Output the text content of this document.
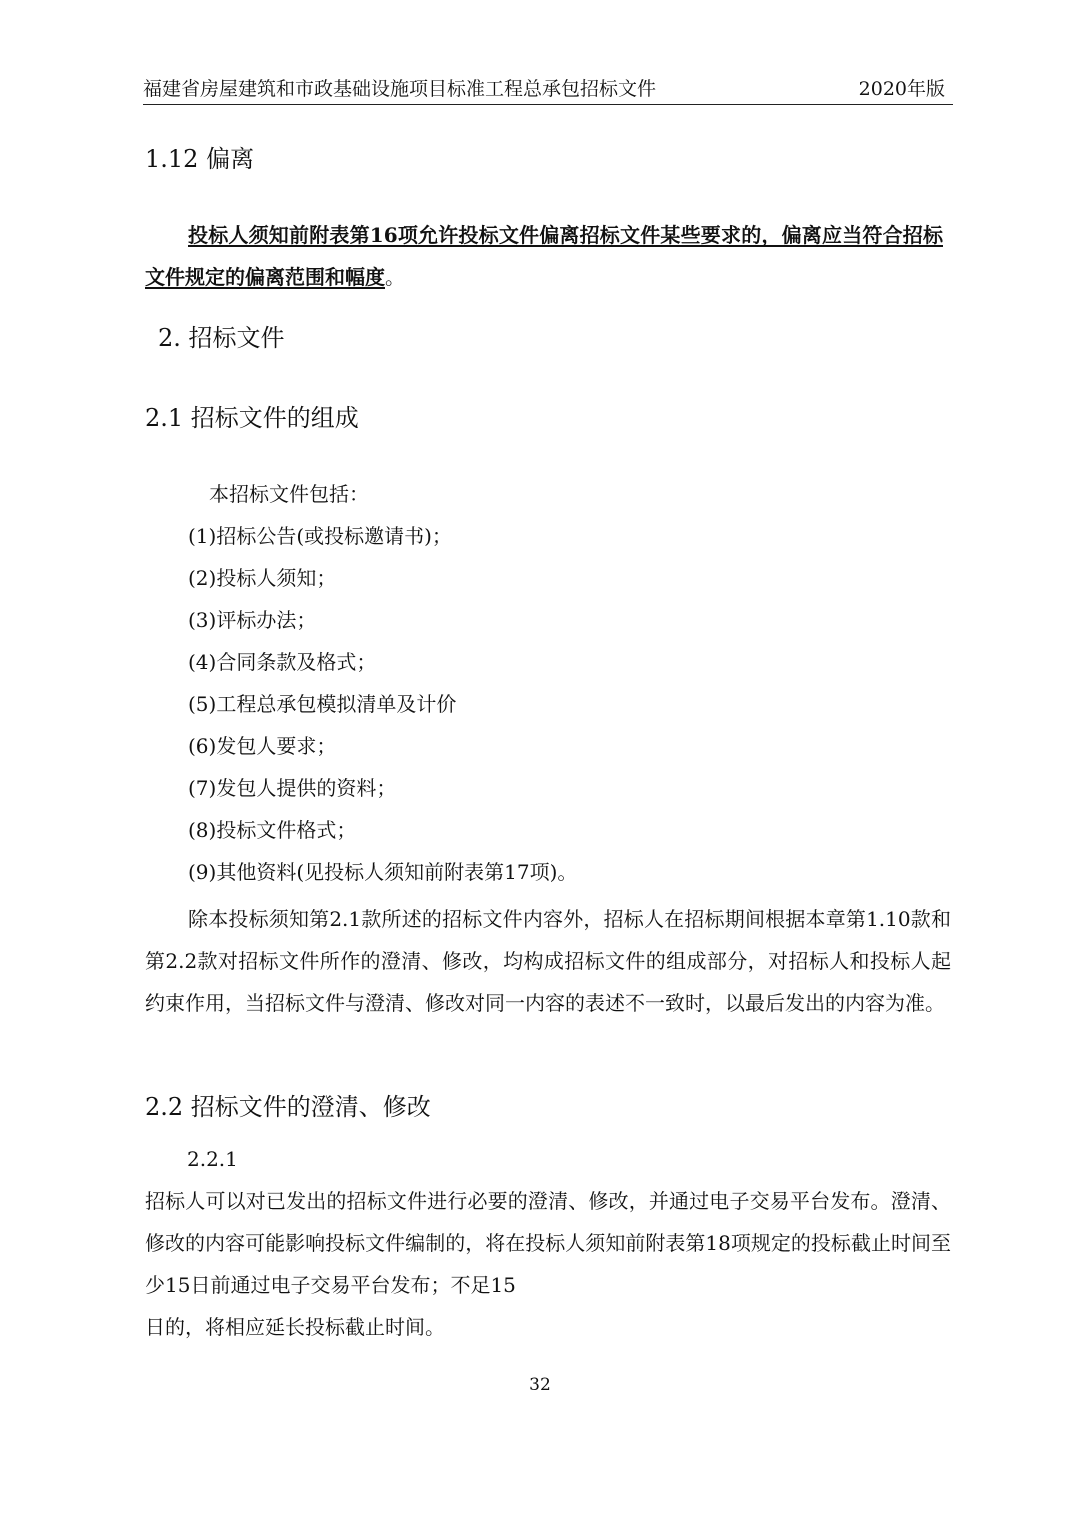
福建省房屋建筑和市政基础设施项目标准工程总承包招标文件	2020年版
1.12 偏离

投标人须知前附表第16项允许投标文件偏离招标文件某些要求的，偏离应当符合招标文件规定的偏离范围和幅度。

2. 招标文件
2.1 招标文件的组成
本招标文件包括：
(1)招标公告(或投标邀请书)；
(2)投标人须知；
(3)评标办法；
(4)合同条款及格式；
(5)工程总承包模拟清单及计价
(6)发包人要求；
(7)发包人提供的资料；
(8)投标文件格式；
(9)其他资料(见投标人须知前附表第17项)。

除本投标须知第2.1款所述的招标文件内容外，招标人在招标期间根据本章第1.10款和第2.2款对招标文件所作的澄清、修改，均构成招标文件的组成部分，对招标人和投标人起约束作用，当招标文件与澄清、修改对同一内容的表述不一致时，以最后发出的内容为准。

2.2 招标文件的澄清、修改
2.2.1

招标人可以对已发出的招标文件进行必要的澄清、修改，并通过电子交易平台发布。澄清、修改的内容可能影响投标文件编制的，将在投标人须知前附表第18项规定的投标截止时间至少15日前通过电子交易平台发布；不足15

日的，将相应延长投标截止时间。
32
